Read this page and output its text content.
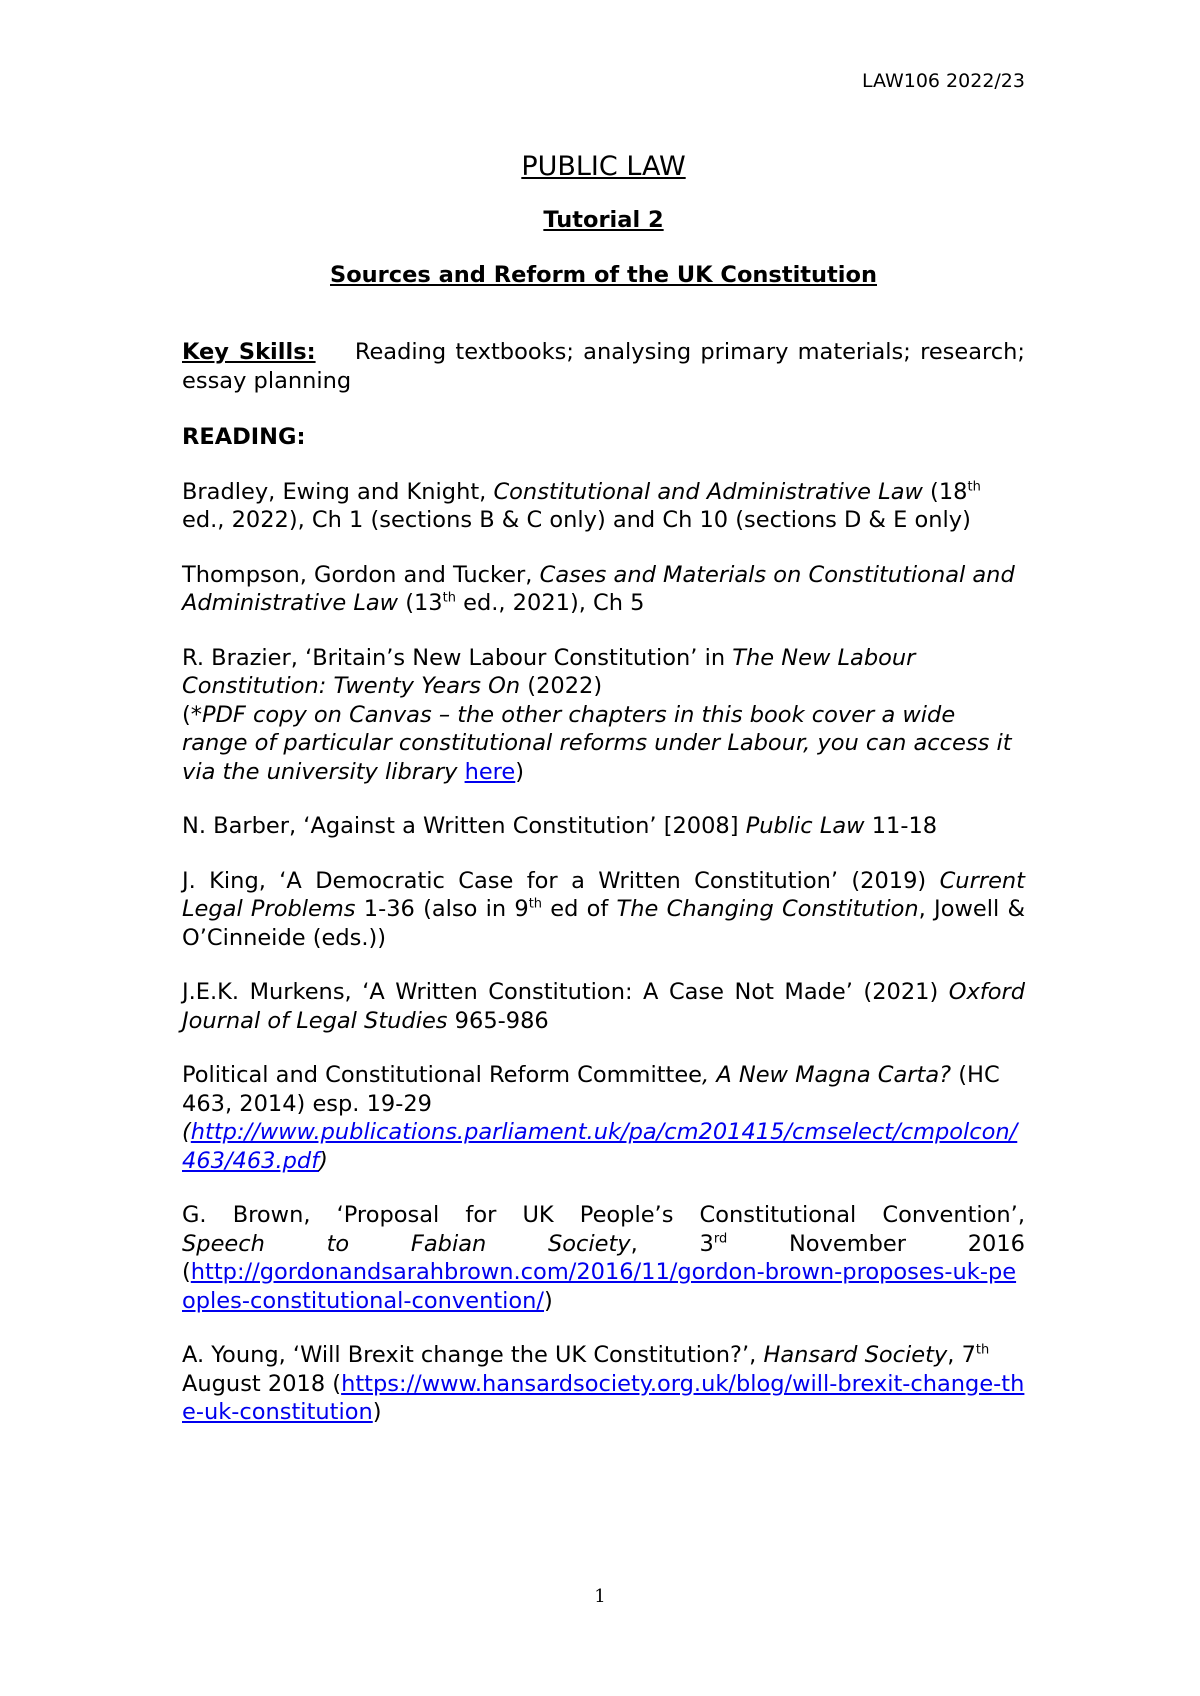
LAW106 2022/23
PUBLIC LAW
Tutorial 2
Sources and Reform of the UK Constitution
Key Skills: Reading textbooks; analysing primary materials; research; essay planning
READING:
Bradley, Ewing and Knight, Constitutional and Administrative Law (18th ed., 2022), Ch 1 (sections B & C only) and Ch 10 (sections D & E only)
Thompson, Gordon and Tucker, Cases and Materials on Constitutional and Administrative Law (13th ed., 2021), Ch 5

R. Brazier, ‘Britain’s New Labour Constitution’ in The New Labour Constitution: Twenty Years On (2022)

(*PDF copy on Canvas – the other chapters in this book cover a wide range of particular constitutional reforms under Labour, you can access it via the university library here)

N. Barber, ‘Against a Written Constitution’ [2008] Public Law 11-18
J. King, ‘A Democratic Case for a Written Constitution’ (2019) Current Legal Problems 1-36 (also in 9th ed of The Changing Constitution, Jowell & O’Cinneide (eds.))
J.E.K. Murkens, ‘A Written Constitution: A Case Not Made’ (2021) Oxford Journal of Legal Studies 965-986

Political and Constitutional Reform Committee, A New Magna Carta? (HC 463, 2014) esp. 19-29

(http://www.publications.parliament.uk/pa/cm201415/cmselect/cmpolcon/463/463.pdf)

G. Brown, ‘Proposal for UK People’s Constitutional Convention’,

Speech to Fabian Society,	3rd	November 2016

(http://gordonandsarahbrown.com/2016/11/gordon-brown-proposes-uk-peoples-constitutional-convention/)

A. Young, ‘Will Brexit change the UK Constitution?’, Hansard Society, 7th August 2018 (https://www.hansardsociety.org.uk/blog/will-brexit-change-the-uk-constitution)
1
